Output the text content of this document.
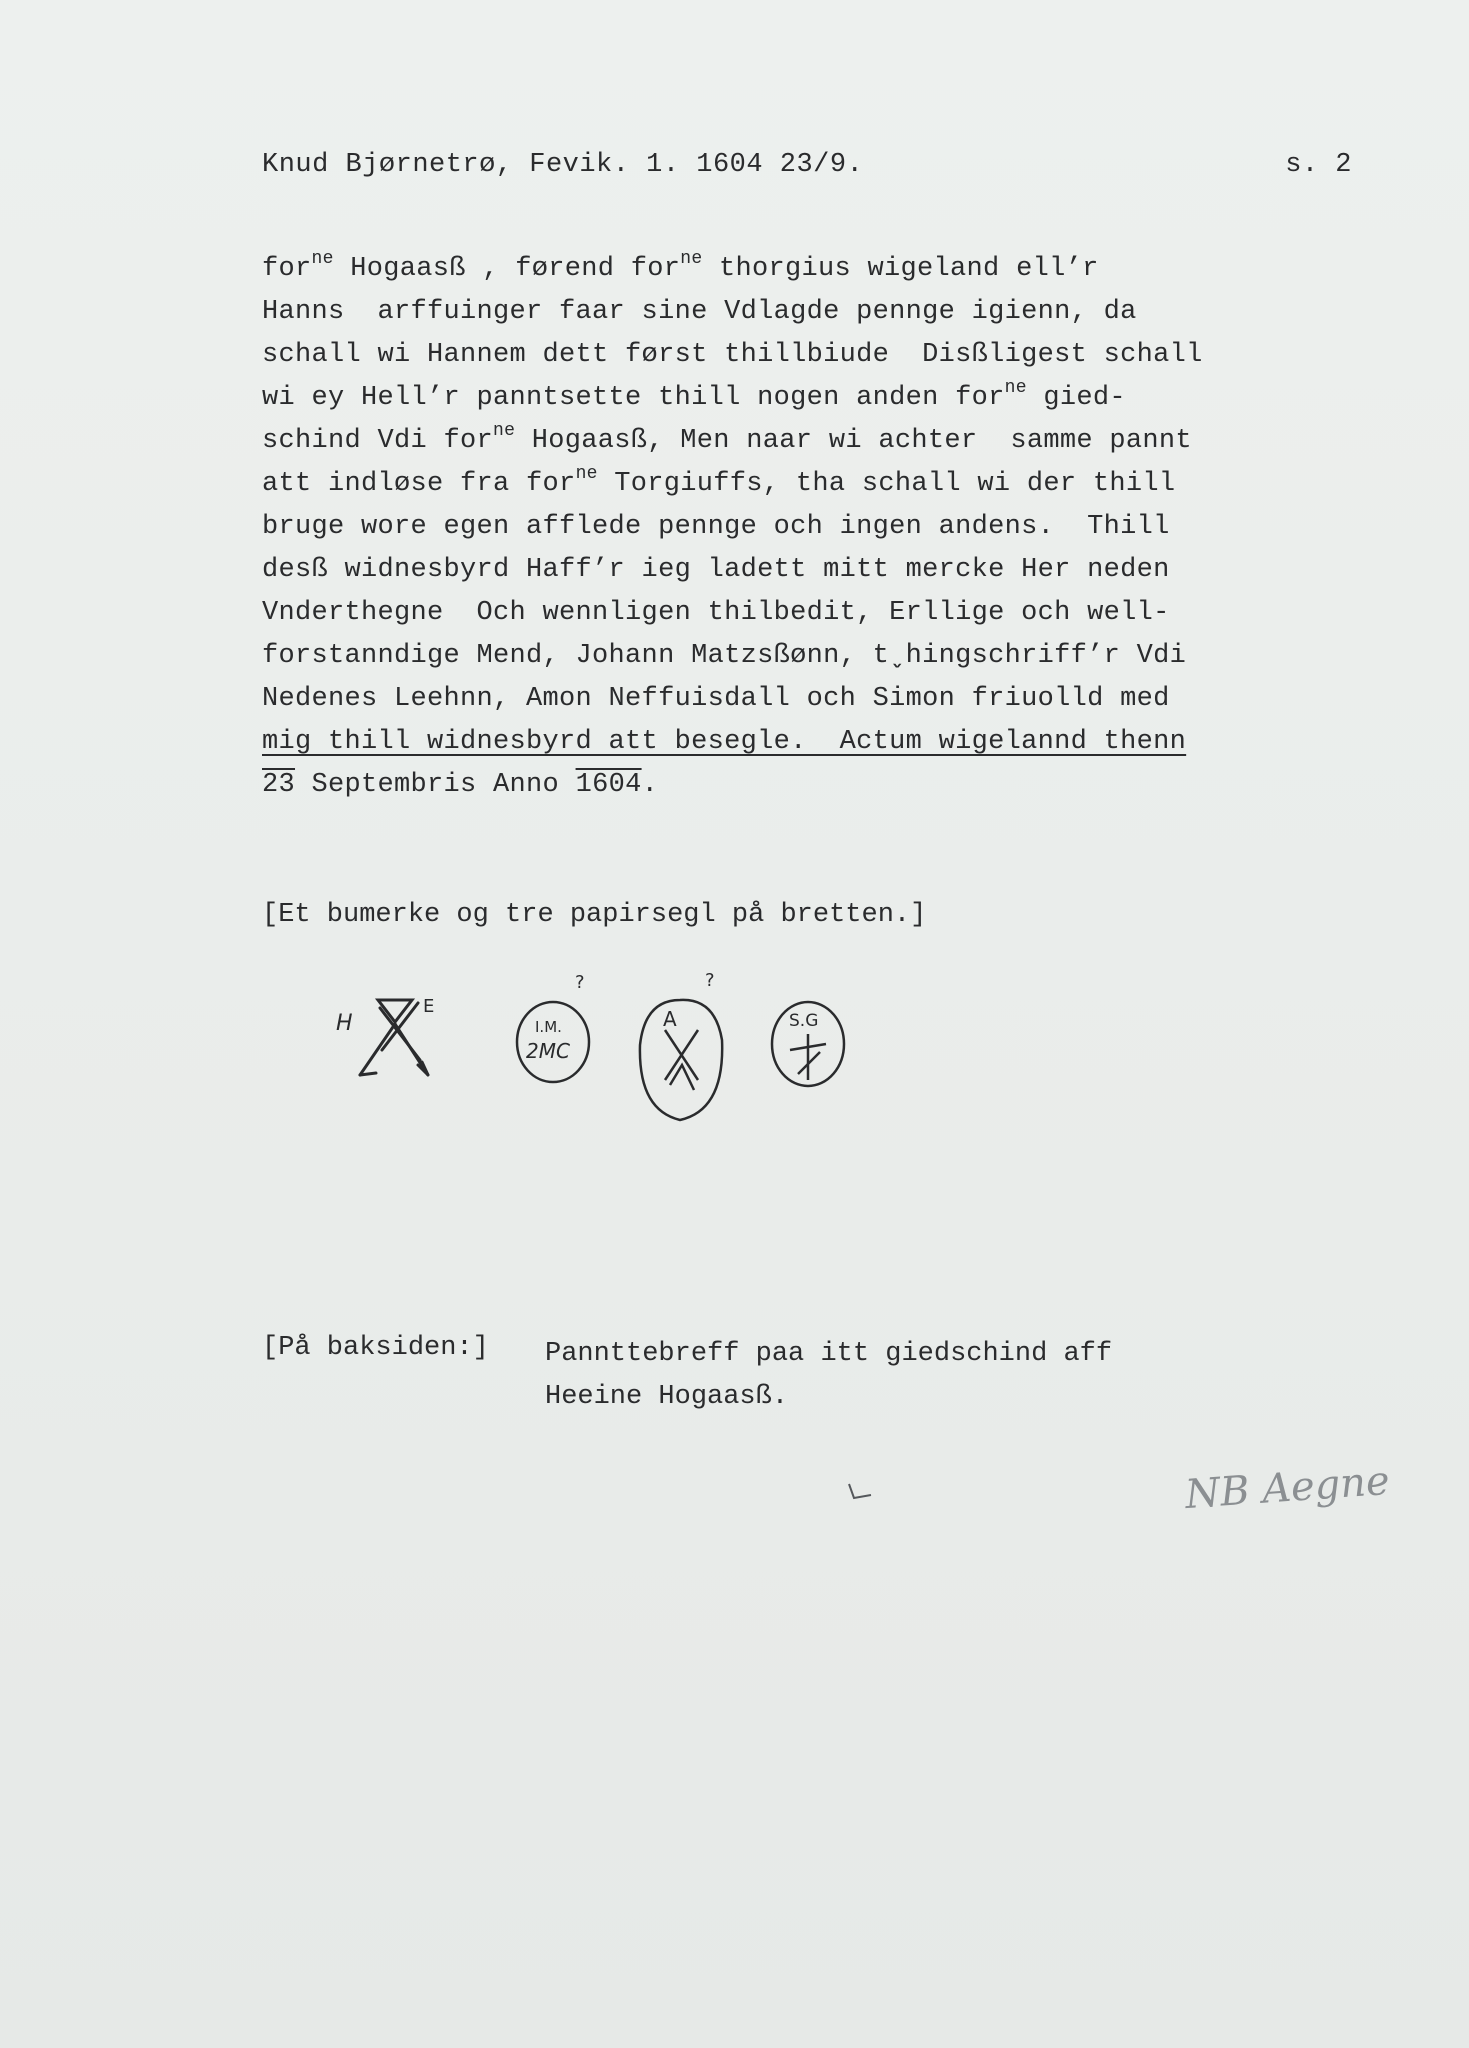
Knud Bjørnetrø, Fevik. 1. 1604 23/9.	s. 2
for$^{ne}$ Hogaasß , førend for$^{ne}$ thorgius wigeland ell’r
Hanns  arffuinger faar sine Vdlagde pennge igienn, da
schall wi Hannem dett først thillbiude  Disßligest schall
wi ey Hell’r panntsette thill nogen anden for$^{ne}$ gied-
schind Vdi for$^{ne}$ Hogaasß, Men naar wi achter  samme pannt
att indløse fra for$^{ne}$ Torgiuffs, tha schall wi der thill
bruge wore egen afflede pennge och ingen andens.  Thill
desß widnesbyrd Haff’r ieg ladett mitt mercke Her neden
Vnderthegne  Och wennligen thilbedit, Erllige och well-
forstanndige Mend, Johann Matzsßønn, tˬhingschriff’r Vdi
Nedenes Leehnn, Amon Neffuisdall och Simon friuolld med
mig thill widnesbyrd att besegle.  Actum wigelannd thenn
23 Septembris Anno 1604.
[Et bumerke og tre papirsegl på bretten.]
H
E
?
I.M.
2MC
?
A	S.G
[På baksiden:] Pannttebreff paa itt giedschind aff
Heeine Hogaasß.
NB Aegne
